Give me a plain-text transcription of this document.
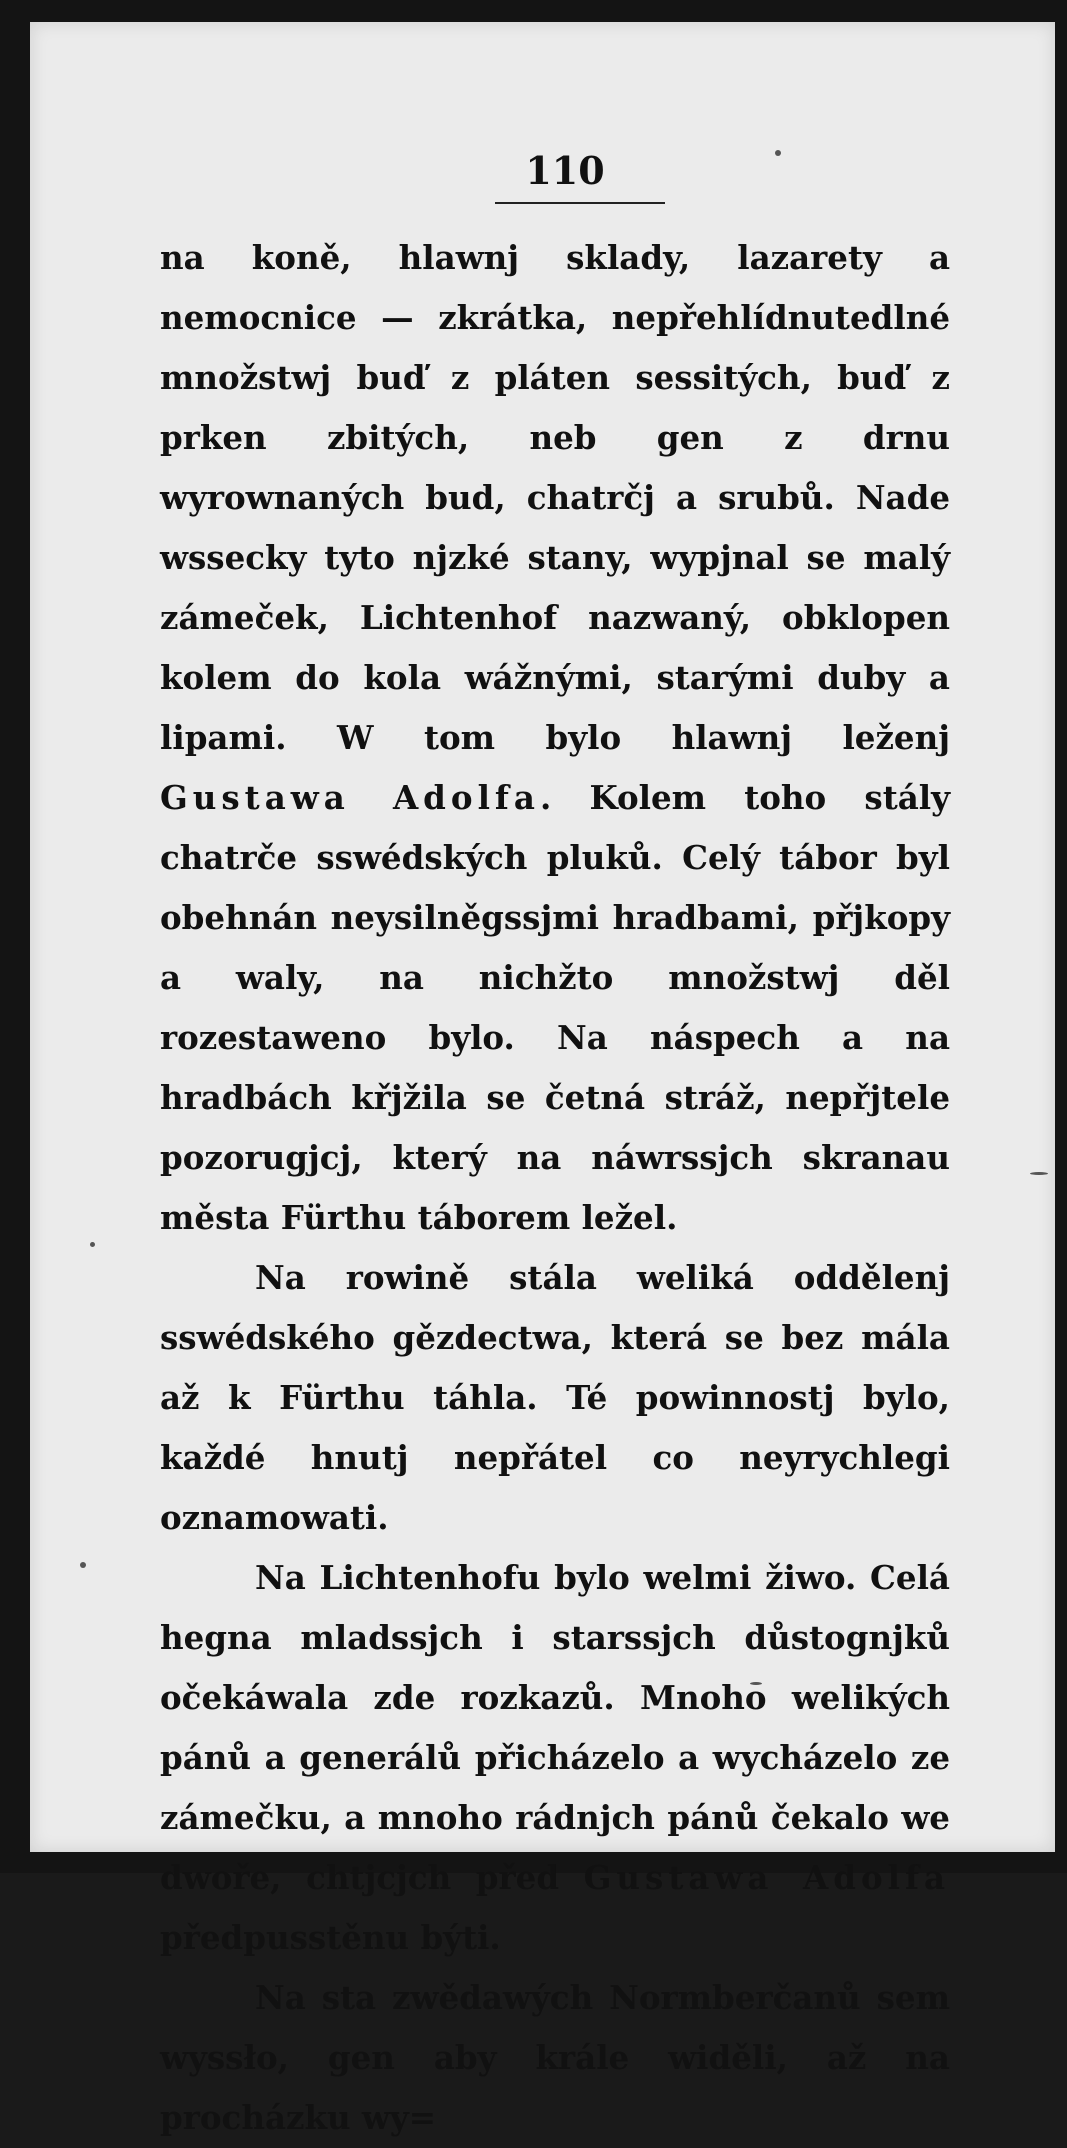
110

na koně, hlawnj sklady, lazarety a nemocnice — zkrátka, nepřehlídnutedlné množstwj buď z pláten sessitých, buď z prken zbitých, neb gen z drnu wyrownaných bud, chatrčj a srubů. Nade wssecky tyto njzké stany, wypjnal se malý zámeček, Lichtenhof nazwaný, obklopen kolem do kola wážnými, starými duby a lipami. W tom bylo hlawnj leženj Gustawa Adolfa. Kolem toho stály chatrče sswédských pluků. Celý tábor byl obehnán neysilněgssjmi hradbami, přjkopy a waly, na nichžto množstwj děl rozestaweno bylo. Na náspech a na hradbách křjžila se četná stráž, nepřjtele pozorugjcj, který na náwrssjch skranau města Fürthu táborem ležel.

Na rowině stála weliká oddělenj sswédského gězdectwa, která se bez mála až k Fürthu táhla. Té powinnostj bylo, každé hnutj nepřátel co neyrychlegi oznamowati.

Na Lichtenhofu bylo welmi žiwo. Celá hegna mladssjch i starssjch důstognjků očekáwala zde rozkazů. Mnoho welikých pánů a generálů přicházelo a wycházelo ze zámečku, a mnoho rádnjch pánů čekalo we dwoře, chtjcjch před Gustawa Adolfa předpusstěnu býti.

Na sta zwědawých Normberčanů sem wyssło, gen aby krále widěli, až na procházku wy=
